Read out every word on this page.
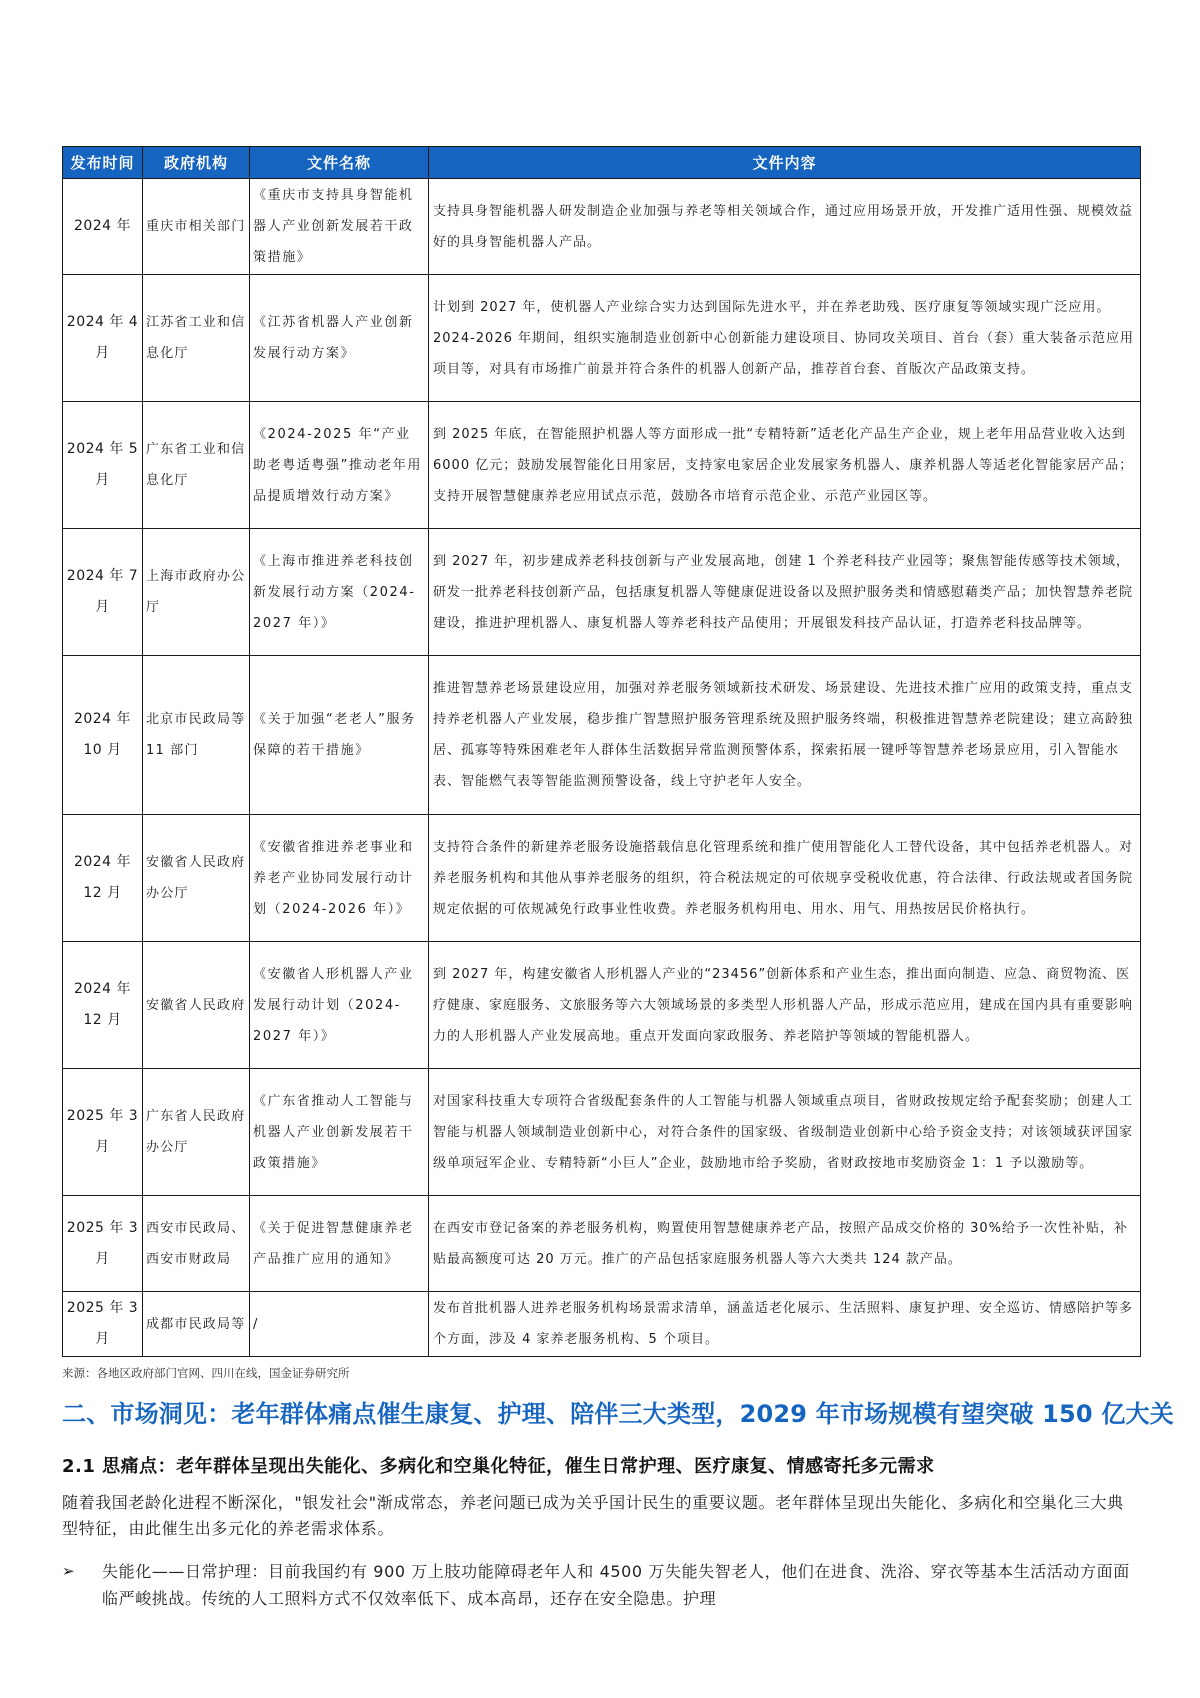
发布时间	政府机构	文件名称	文件内容
2024 年	重庆市相关部门	《重庆市支持具身智能机器人产业创新发展若干政策措施》	支持具身智能机器人研发制造企业加强与养老等相关领域合作，通过应用场景开放，开发推广适用性强、规模效益好的具身智能机器人产品。
2024 年 4 月	江苏省工业和信息化厅	《江苏省机器人产业创新发展行动方案》	计划到 2027 年，使机器人产业综合实力达到国际先进水平，并在养老助残、医疗康复等领域实现广泛应用。2024-2026 年期间，组织实施制造业创新中心创新能力建设项目、协同攻关项目、首台（套）重大装备示范应用项目等，对具有市场推广前景并符合条件的机器人创新产品，推荐首台套、首版次产品政策支持。
2024 年 5 月	广东省工业和信息化厅	《2024-2025 年“产业助老粤适粤强”推动老年用品提质增效行动方案》	到 2025 年底，在智能照护机器人等方面形成一批“专精特新”适老化产品生产企业，规上老年用品营业收入达到 6000 亿元；鼓励发展智能化日用家居，支持家电家居企业发展家务机器人、康养机器人等适老化智能家居产品；支持开展智慧健康养老应用试点示范，鼓励各市培育示范企业、示范产业园区等。
2024 年 7 月	上海市政府办公厅	《上海市推进养老科技创新发展行动方案（2024-2027 年）》	到 2027 年，初步建成养老科技创新与产业发展高地，创建 1 个养老科技产业园等；聚焦智能传感等技术领域，研发一批养老科技创新产品，包括康复机器人等健康促进设备以及照护服务类和情感慰藉类产品；加快智慧养老院建设，推进护理机器人、康复机器人等养老科技产品使用；开展银发科技产品认证，打造养老科技品牌等。
2024 年 10 月	北京市民政局等 11 部门	《关于加强“老老人”服务保障的若干措施》	推进智慧养老场景建设应用，加强对养老服务领域新技术研发、场景建设、先进技术推广应用的政策支持，重点支持养老机器人产业发展，稳步推广智慧照护服务管理系统及照护服务终端，积极推进智慧养老院建设；建立高龄独居、孤寡等特殊困难老年人群体生活数据异常监测预警体系，探索拓展一键呼等智慧养老场景应用，引入智能水表、智能燃气表等智能监测预警设备，线上守护老年人安全。
2024 年 12 月	安徽省人民政府办公厅	《安徽省推进养老事业和养老产业协同发展行动计划（2024-2026 年）》	支持符合条件的新建养老服务设施搭载信息化管理系统和推广使用智能化人工替代设备，其中包括养老机器人。对养老服务机构和其他从事养老服务的组织，符合税法规定的可依规享受税收优惠，符合法律、行政法规或者国务院规定依据的可依规减免行政事业性收费。养老服务机构用电、用水、用气、用热按居民价格执行。
2024 年 12 月	安徽省人民政府	《安徽省人形机器人产业发展行动计划（2024-2027 年）》	到 2027 年，构建安徽省人形机器人产业的“23456”创新体系和产业生态，推出面向制造、应急、商贸物流、医疗健康、家庭服务、文旅服务等六大领域场景的多类型人形机器人产品，形成示范应用，建成在国内具有重要影响力的人形机器人产业发展高地。重点开发面向家政服务、养老陪护等领域的智能机器人。
2025 年 3 月	广东省人民政府办公厅	《广东省推动人工智能与机器人产业创新发展若干政策措施》	对国家科技重大专项符合省级配套条件的人工智能与机器人领域重点项目，省财政按规定给予配套奖励；创建人工智能与机器人领域制造业创新中心，对符合条件的国家级、省级制造业创新中心给予资金支持；对该领域获评国家级单项冠军企业、专精特新“小巨人”企业，鼓励地市给予奖励，省财政按地市奖励资金 1：1 予以激励等。
2025 年 3 月	西安市民政局、西安市财政局	《关于促进智慧健康养老产品推广应用的通知》	在西安市登记备案的养老服务机构，购置使用智慧健康养老产品，按照产品成交价格的 30%给予一次性补贴，补贴最高额度可达 20 万元。推广的产品包括家庭服务机器人等六大类共 124 款产品。
2025 年 3 月	成都市民政局等	/	发布首批机器人进养老服务机构场景需求清单，涵盖适老化展示、生活照料、康复护理、安全巡访、情感陪护等多个方面，涉及 4 家养老服务机构、5 个项目。
来源：各地区政府部门官网、四川在线，国金证券研究所
二、市场洞见：老年群体痛点催生康复、护理、陪伴三大类型，2029 年市场规模有望突破 150 亿大关
2.1 思痛点：老年群体呈现出失能化、多病化和空巢化特征，催生日常护理、医疗康复、情感寄托多元需求
随着我国老龄化进程不断深化，"银发社会"渐成常态，养老问题已成为关乎国计民生的重要议题。老年群体呈现出失能化、多病化和空巢化三大典型特征，由此催生出多元化的养老需求体系。
➢ 失能化——日常护理：目前我国约有 900 万上肢功能障碍老年人和 4500 万失能失智老人，他们在进食、洗浴、穿衣等基本生活活动方面面临严峻挑战。传统的人工照料方式不仅效率低下、成本高昂，还存在安全隐患。护理
